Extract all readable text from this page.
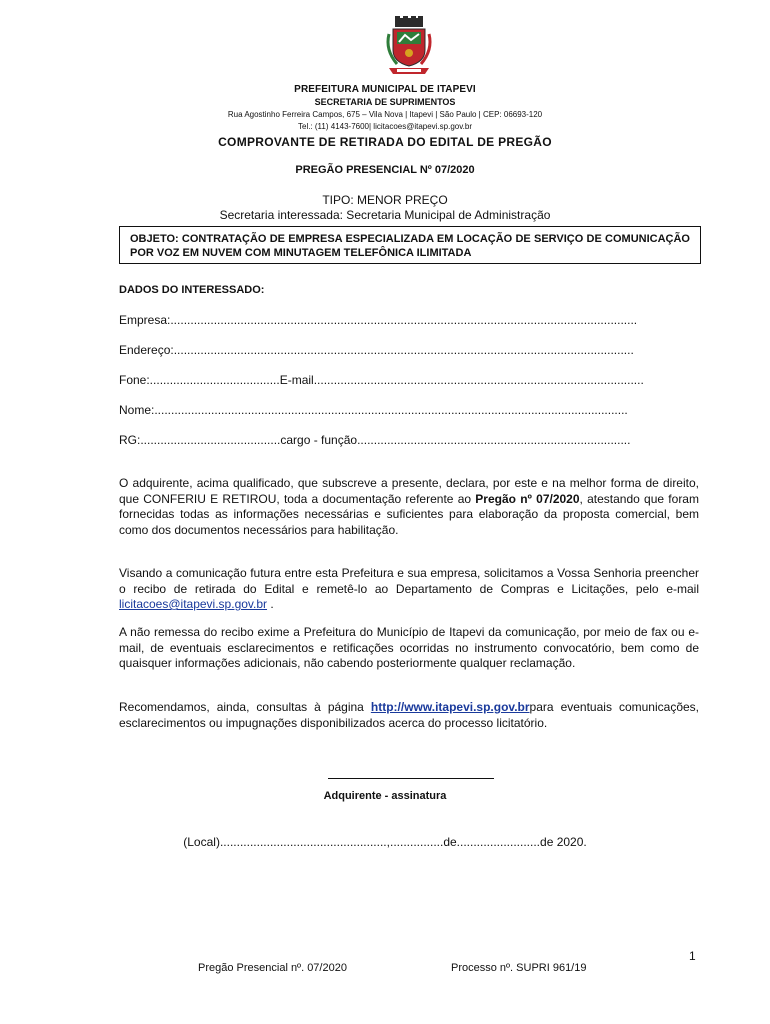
PREFEITURA MUNICIPAL DE ITAPEVI
SECRETARIA DE SUPRIMENTOS
Rua Agostinho Ferreira Campos, 675 – Vila Nova | Itapevi | São Paulo | CEP: 06693-120
Tel.: (11) 4143-7600| licitacoes@itapevi.sp.gov.br
COMPROVANTE DE RETIRADA DO EDITAL DE PREGÃO
PREGÃO PRESENCIAL Nº 07/2020
TIPO: MENOR PREÇO
Secretaria interessada: Secretaria Municipal de Administração
OBJETO: CONTRATAÇÃO DE EMPRESA ESPECIALIZADA EM LOCAÇÃO DE SERVIÇO DE COMUNICAÇÃO POR VOZ EM NUVEM COM MINUTAGEM TELEFÔNICA ILIMITADA
DADOS DO INTERESSADO:
Empresa:............................................................................................................................................
Endereço:..........................................................................................................................................
Fone:.......................................E-mail...................................................................................................
Nome:..............................................................................................................................................
RG:..........................................cargo - função..................................................................................
O adquirente, acima qualificado, que subscreve a presente, declara, por este e na melhor forma de direito, que CONFERIU E RETIROU, toda a documentação referente ao Pregão nº 07/2020, atestando que foram fornecidas todas as informações necessárias e suficientes para elaboração da proposta comercial, bem como dos documentos necessários para habilitação.
Visando a comunicação futura entre esta Prefeitura e sua empresa, solicitamos a Vossa Senhoria preencher o recibo de retirada do Edital e remetê-lo ao Departamento de Compras e Licitações, pelo e-mail licitacoes@itapevi.sp.gov.br .
A não remessa do recibo exime a Prefeitura do Município de Itapevi da comunicação, por meio de fax ou e-mail, de eventuais esclarecimentos e retificações ocorridas no instrumento convocatório, bem como de quaisquer informações adicionais, não cabendo posteriormente qualquer reclamação.
Recomendamos, ainda, consultas à página http://www.itapevi.sp.gov.brpara eventuais comunicações, esclarecimentos ou impugnações disponibilizados acerca do processo licitatório.
Adquirente - assinatura
(Local)..................................................,................de.........................de 2020.
1
Pregão Presencial nº. 07/2020	Processo nº. SUPRI 961/19
